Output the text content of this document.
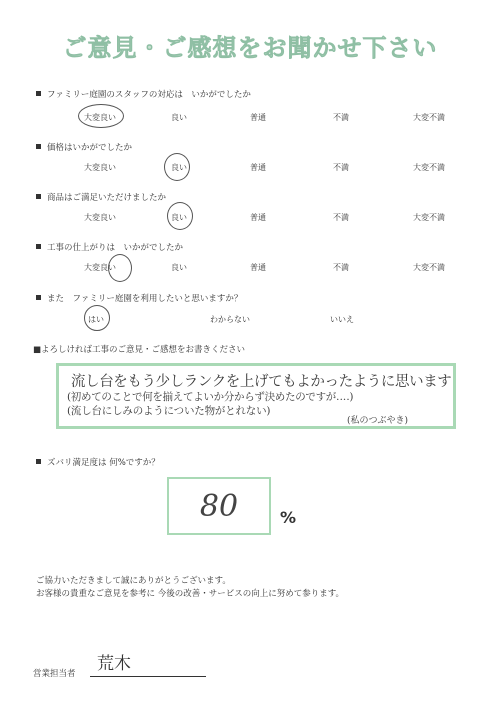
ご意見・ご感想をお聞かせ下さい
ファミリー庭園のスタッフの対応は　いかがでしたか
大変良い	良い	普通	不満	大変不満
価格はいかがでしたか
大変良い	良い	普通	不満	大変不満
商品はご満足いただけましたか
大変良い	良い	普通	不満	大変不満
工事の仕上がりは　いかがでしたか
大変良い	良い	普通	不満	大変不満
また　ファミリー庭園を利用したいと思いますか？
はい	わからない	いいえ
■よろしければ工事のご意見・ご感想をお書きください
流し台をもう少しランクを上げてもよかったように思います
(初めてのことで何を揃えてよいか分からず決めたのですが‥‥)
(流し台にしみのようについた物がとれない)
(私のつぶやき)
ズバリ満足度は 何%ですか？
80	%
ご協力いただきまして誠にありがとうございます。
お客様の貴重なご意見を参考に 今後の改善・サービスの向上に努めて参ります。
営業担当者 荒木
